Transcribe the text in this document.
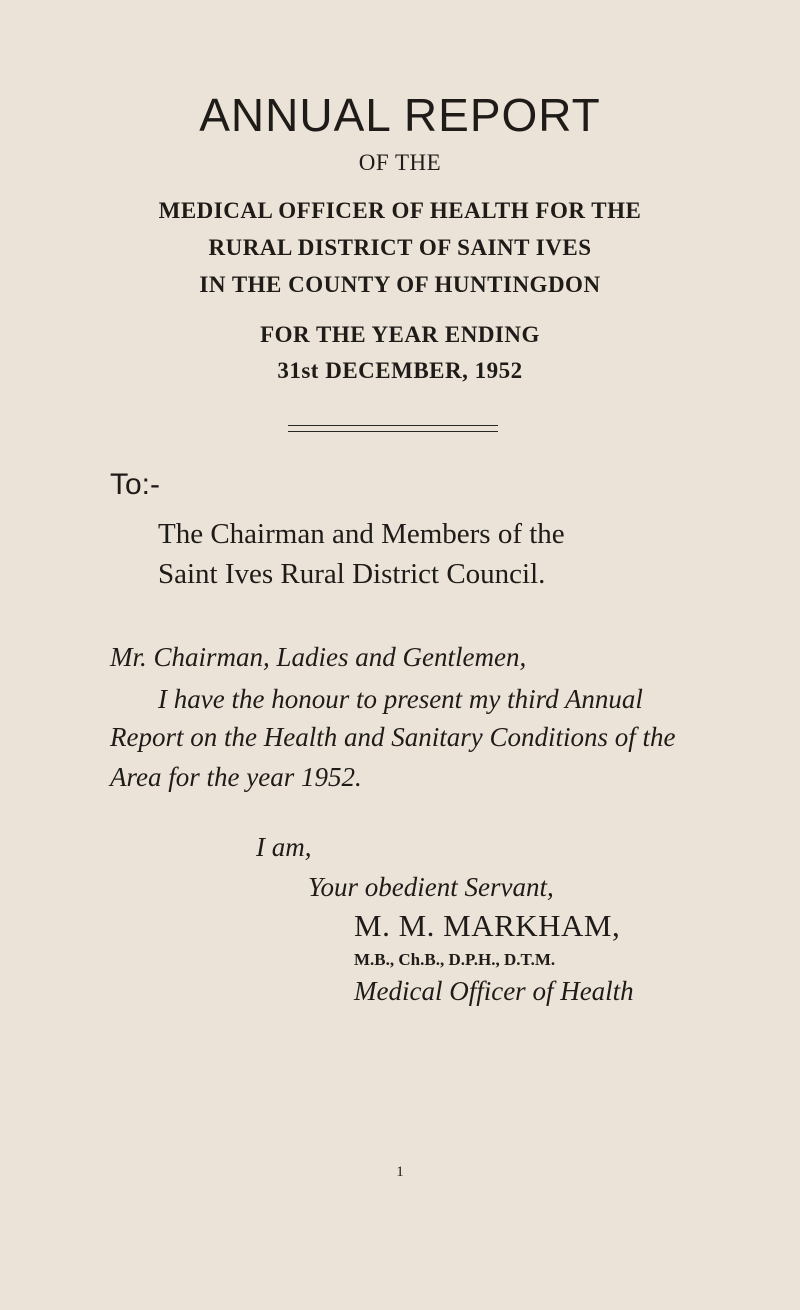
ANNUAL REPORT
OF THE
MEDICAL OFFICER OF HEALTH FOR THE
RURAL DISTRICT OF SAINT IVES
IN THE COUNTY OF HUNTINGDON
FOR THE YEAR ENDING
31st DECEMBER, 1952
To:-
The Chairman and Members of the
Saint Ives Rural District Council.
Mr. Chairman, Ladies and Gentlemen,
I have the honour to present my third Annual
Report on the Health and Sanitary Conditions of the
Area for the year 1952.
I am,
Your obedient Servant,
M. M. MARKHAM,
M.B., Ch.B., D.P.H., D.T.M.
Medical Officer of Health
1
